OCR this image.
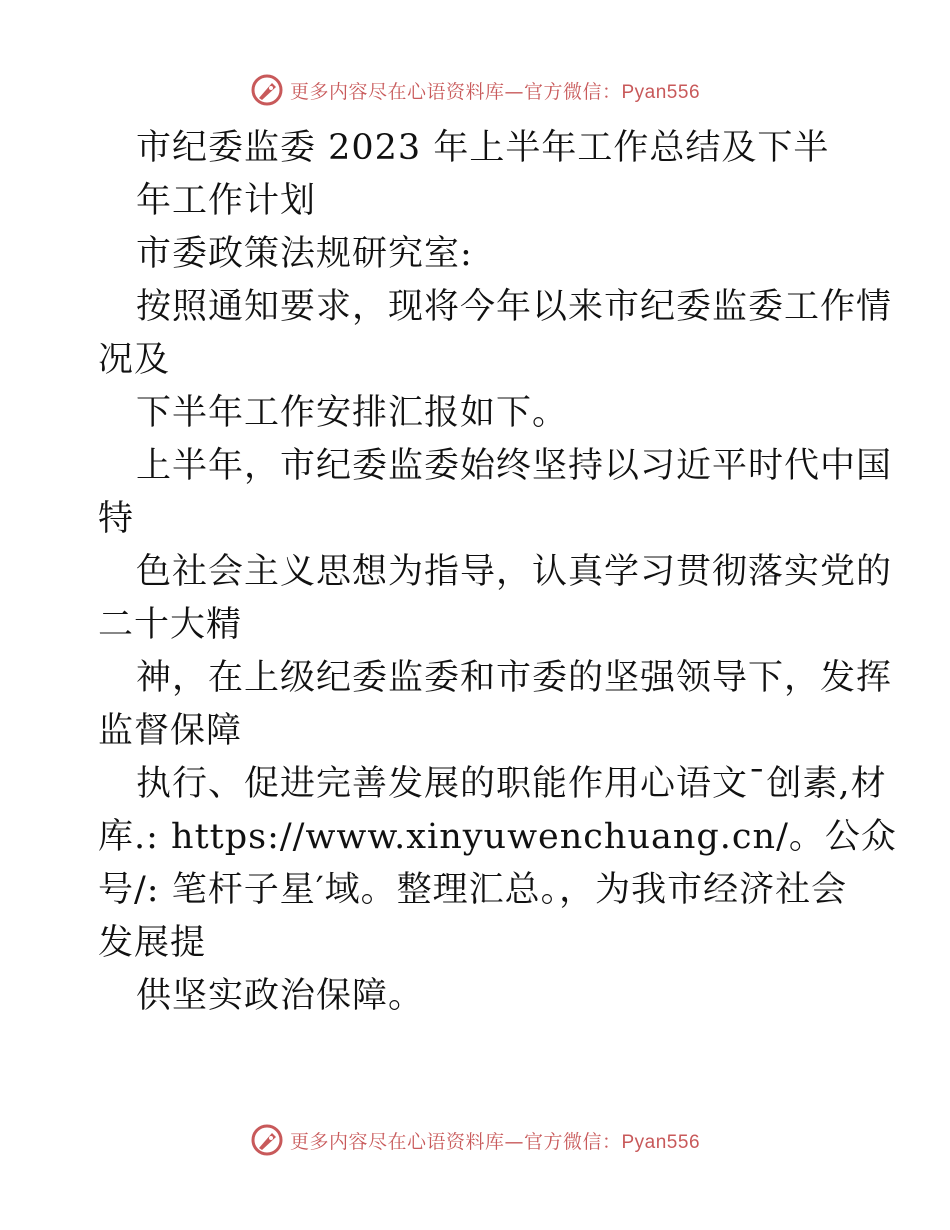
更多内容尽在心语资料库—官方微信：Pyan556
市纪委监委 2023 年上半年工作总结及下半
年工作计划
市委政策法规研究室:
按照通知要求，现将今年以来市纪委监委工作情
况及
下半年工作安排汇报如下。
上半年，市纪委监委始终坚持以习近平时代中国
特
色社会主义思想为指导，认真学习贯彻落实党的
二十大精
神，在上级纪委监委和市委的坚强领导下，发挥
监督保障
执行、促进完善发展的职能作用心语文¯创素,材
库.: https://www.xinyuwenchuang.cn/。公众
号/: 笔杆子星′域。整理汇总。，为我市经济社会
发展提
供坚实政治保障。
更多内容尽在心语资料库—官方微信：Pyan556
